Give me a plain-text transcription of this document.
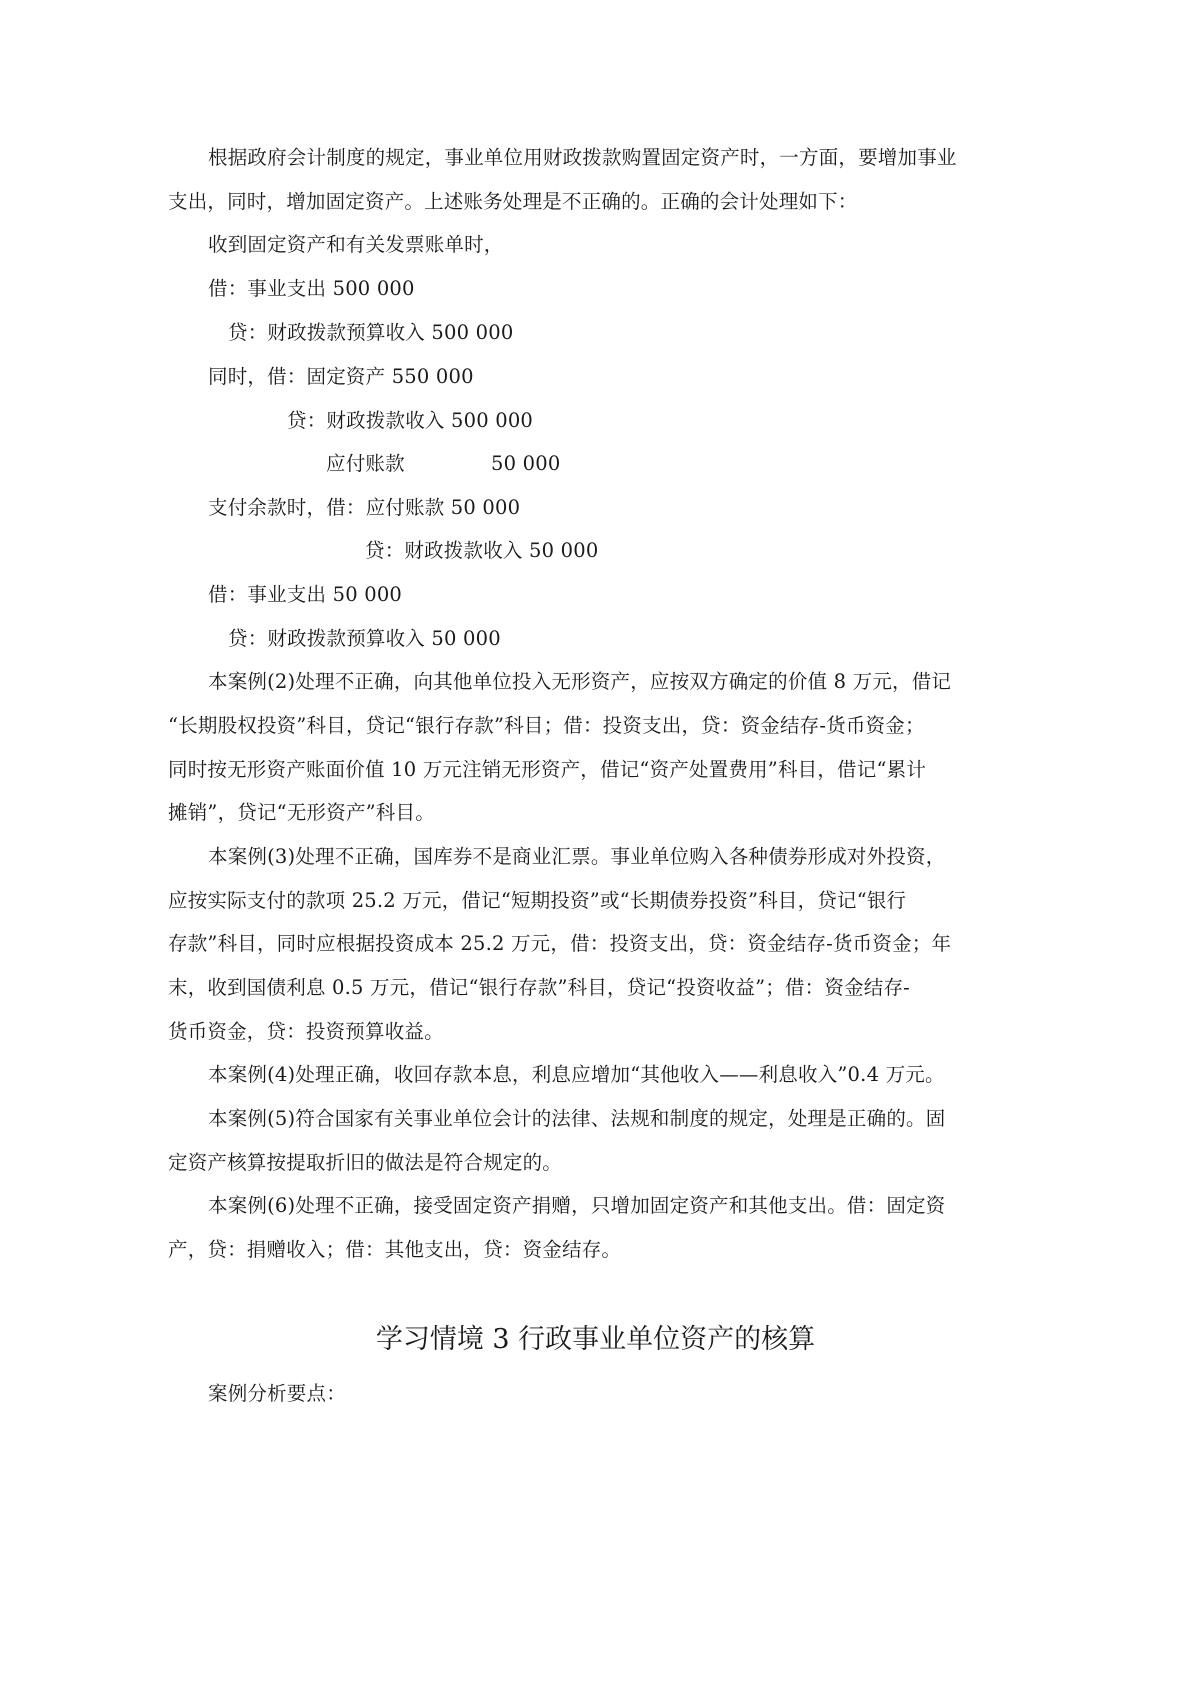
根据政府会计制度的规定，事业单位用财政拨款购置固定资产时，一方面，要增加事业
支出，同时，增加固定资产。上述账务处理是不正确的。正确的会计处理如下：
收到固定资产和有关发票账单时，
借：事业支出 500 000
贷：财政拨款预算收入 500 000
同时，借：固定资产 550 000
贷：财政拨款收入 500 000
应付账款	50 000
支付余款时，借：应付账款 50 000
贷：财政拨款收入 50 000
借：事业支出 50 000
贷：财政拨款预算收入 50 000
本案例(2)处理不正确，向其他单位投入无形资产，应按双方确定的价值 8 万元，借记
“长期股权投资”科目，贷记“银行存款”科目；借：投资支出，贷：资金结存-货币资金；
同时按无形资产账面价值 10 万元注销无形资产，借记“资产处置费用”科目，借记“累计
摊销”，贷记“无形资产”科目。
本案例(3)处理不正确，国库券不是商业汇票。事业单位购入各种债券形成对外投资，
应按实际支付的款项 25.2 万元，借记“短期投资”或“长期债券投资”科目，贷记“银行
存款”科目，同时应根据投资成本 25.2 万元，借：投资支出，贷：资金结存-货币资金；年
末，收到国债利息 0.5 万元，借记“银行存款”科目，贷记“投资收益”；借：资金结存-
货币资金，贷：投资预算收益。
本案例(4)处理正确，收回存款本息，利息应增加“其他收入——利息收入”0.4 万元。
本案例(5)符合国家有关事业单位会计的法律、法规和制度的规定，处理是正确的。固
定资产核算按提取折旧的做法是符合规定的。
本案例(6)处理不正确，接受固定资产捐赠，只增加固定资产和其他支出。借：固定资
产，贷：捐赠收入；借：其他支出，贷：资金结存。
学习情境 3 行政事业单位资产的核算
案例分析要点：
